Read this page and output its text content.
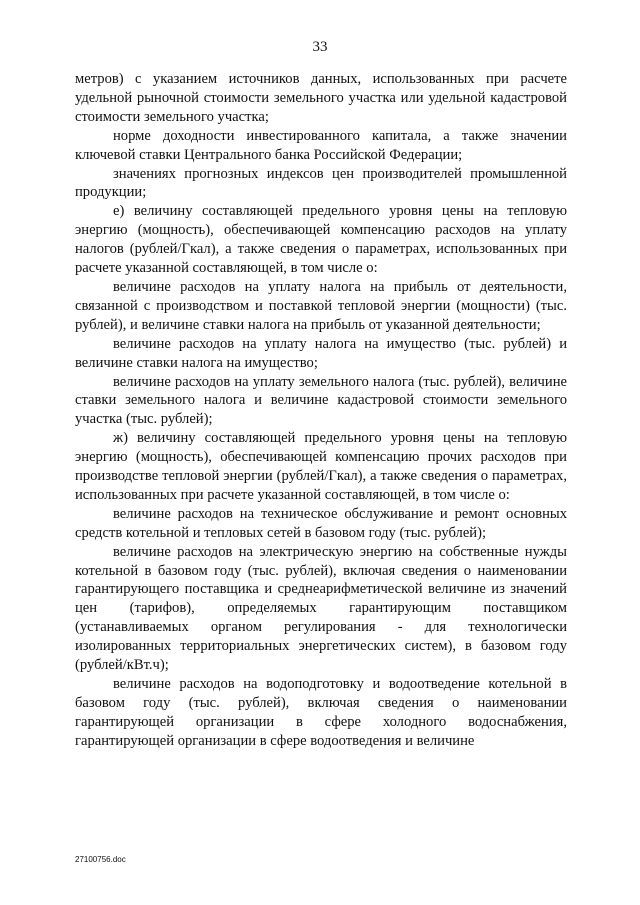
33

метров) с указанием источников данных, использованных при расчете удельной рыночной стоимости земельного участка или удельной кадастровой стоимости земельного участка;

норме доходности инвестированного капитала, а также значении ключевой ставки Центрального банка Российской Федерации;

значениях прогнозных индексов цен производителей промышленной продукции;

е) величину составляющей предельного уровня цены на тепловую энергию (мощность), обеспечивающей компенсацию расходов на уплату налогов (рублей/Гкал), а также сведения о параметрах, использованных при расчете указанной составляющей, в том числе о:

величине расходов на уплату налога на прибыль от деятельности, связанной с производством и поставкой тепловой энергии (мощности) (тыс. рублей), и величине ставки налога на прибыль от указанной деятельности;

величине расходов на уплату налога на имущество (тыс. рублей) и величине ставки налога на имущество;

величине расходов на уплату земельного налога (тыс. рублей), величине ставки земельного налога и величине кадастровой стоимости земельного участка (тыс. рублей);

ж) величину составляющей предельного уровня цены на тепловую энергию (мощность), обеспечивающей компенсацию прочих расходов при производстве тепловой энергии (рублей/Гкал), а также сведения о параметрах, использованных при расчете указанной составляющей, в том числе о:

величине расходов на техническое обслуживание и ремонт основных средств котельной и тепловых сетей в базовом году (тыс. рублей);

величине расходов на электрическую энергию на собственные нужды котельной в базовом году (тыс. рублей), включая сведения о наименовании гарантирующего поставщика и среднеарифметической величине из значений цен (тарифов), определяемых гарантирующим поставщиком (устанавливаемых органом регулирования - для технологически изолированных территориальных энергетических систем), в базовом году (рублей/кВт.ч);

величине расходов на водоподготовку и водоотведение котельной в базовом году (тыс. рублей), включая сведения о наименовании гарантирующей организации в сфере холодного водоснабжения, гарантирующей организации в сфере водоотведения и величине

27100756.doc
